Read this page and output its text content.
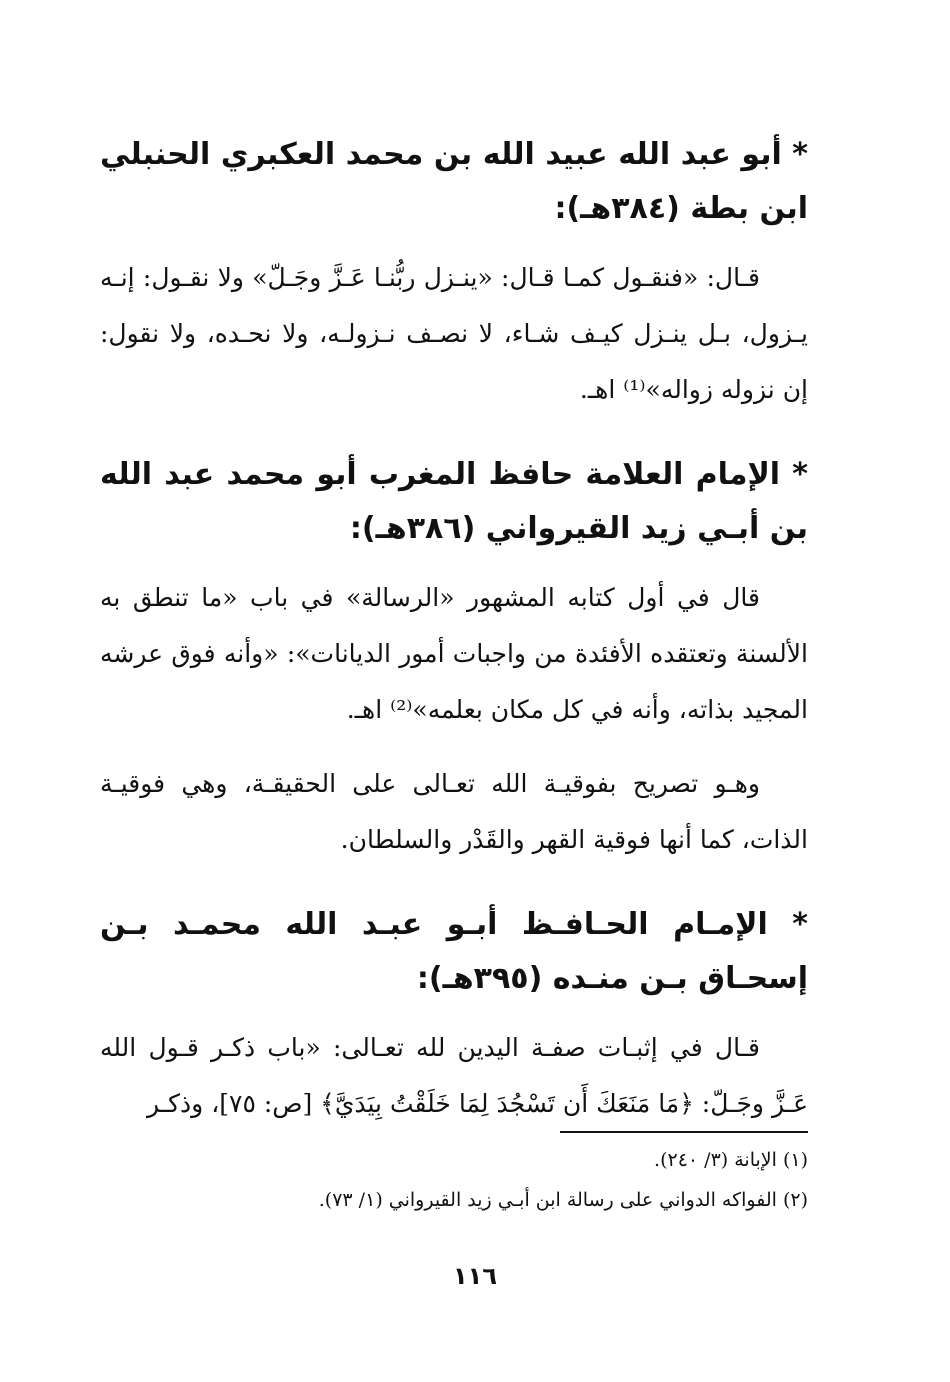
* أبو عبد الله عبيد الله بن محمد العكبري الحنبلي ابن بطة (٣٨٤هـ):

قـال: «فنقـول كمـا قـال: «ينـزل ربُّنـا عَـزَّ وجَـلّ» ولا نقـول: إنـه يـزول، بـل ينـزل كيـف شـاء، لا نصـف نـزولـه، ولا نحـده، ولا نقول: إن نزوله زواله»⁽¹⁾ اهـ.

* الإمام العلامة حافظ المغرب أبو محمد عبد الله بن أبـي زيد القيرواني (٣٨٦هـ):

قال في أول كتابه المشهور «الرسالة» في باب «ما تنطق به الألسنة وتعتقده الأفئدة من واجبات أمور الديانات»: «وأنه فوق عرشه المجيد بذاته، وأنه في كل مكان بعلمه»⁽²⁾ اهـ.

وهـو تصريح بفوقيـة الله تعـالى على الحقيقـة، وهي فوقيـة الذات، كما أنها فوقية القهر والقَدْر والسلطان.

* الإمـام الحـافـظ أبـو عبـد الله محمـد بـن إسحـاق بـن منـده (٣٩٥هـ):

قـال في إثبـات صفـة اليدين لله تعـالى: «باب ذكـر قـول الله عَـزَّ وجَـلّ: ﴿مَا مَنَعَكَ أَن تَسْجُدَ لِمَا خَلَقْتُ بِيَدَيَّ﴾ [ص: ٧٥]، وذكـر

(١) الإبانة (٣/ ٢٤٠).
(٢) الفواكه الدواني على رسالة ابن أبـي زيد القيرواني (١/ ٧٣).
١١٦
